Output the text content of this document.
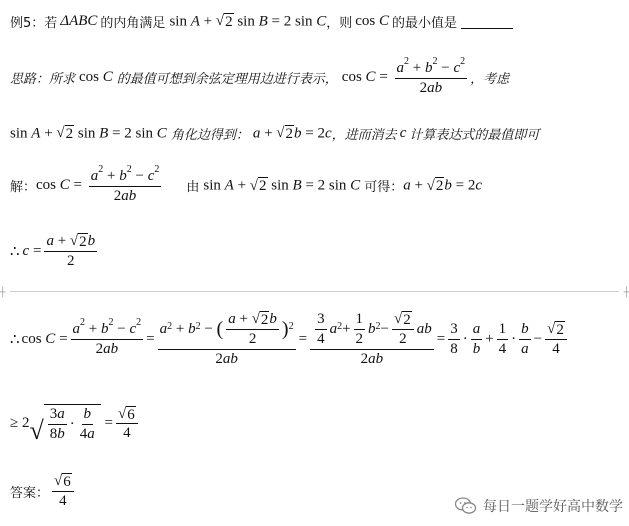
例5：若 ΔABC 的内角满足 sin A + √ 2 sin B = 2 sin C ，则 cos C 的最小值是
思路：所求 cos C 的最值可想到余弦定理用边进行表示， $\cos C = \frac{a^2 + b^2 - c^2}{2ab}$ ，考虑
sin A + √ 2 sin B = 2 sin C 角化边得到： a + √ 2 b = 2c ，进而消去 c 计算表达式的最值即可
解： $\cos C = \frac{a^2 + b^2 - c^2}{2ab}$ 由 sin A + √ 2 sin B = 2 sin C 可得： a + √ 2 b = 2c
∴ $c = \frac{a + √ 2 b}{2}$
┼	┼
∴ $\cos C = \frac{a^2 + b^2 - c^2}{2ab} = \frac{a^2 + b^2 - ( \frac{a + √ 2 b}{2} )^2}{2ab} = \frac{\frac{3}{4} a^2 + \frac{1}{2} b^2 - \frac{√ 2}{2} ab}{2ab} = \frac{3}{8} \cdot \frac{a}{b} + \frac{1}{4} \cdot \frac{b}{a} - \frac{√ 2}{4}$
≥ 2 √ $\frac{3a}{8b} \cdot \frac{b}{4a} = \frac{√ 6}{4}$
答案： $\frac{√ 6}{4}$	每日一题学好高中数学
